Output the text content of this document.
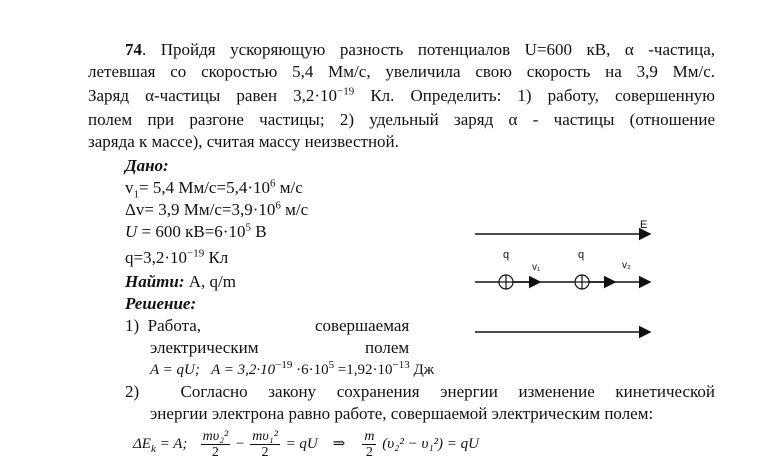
74. Пройдя ускоряющую разность потенциалов U=600 кВ, α -частица,
летевшая со скоростью 5,4 Мм/с, увеличила свою скорость на 3,9 Мм/с.
Заряд α-частицы равен $3,2\cdot 10^{-19}$ Кл. Определить: 1) работу, совершенную
полем при разгоне частицы; 2) удельный заряд α - частицы (отношение
заряда к массе), считая массу неизвестной.
Дано:
$v_1= 5,4$ $Мм/с=5,4\cdot 10^6$ м/с
Δv= 3,9 $Мм/с=3,9\cdot 10^6$ м/с
U = 600 $кВ=6\cdot 10^5$ В
$q=3,2\cdot 10^{-19}$ Кл
Найти: A, q/m
Решение:
1) Работа,	совершаемая
электрическим	полем
A = qU; $A = 3,2\cdot 10^{-19} \cdot 6\cdot 10^5 =1,92\cdot 10^{-13}$ Дж
2) Согласно закону сохранения энергии изменение кинетической
энергии электрона равно работе, совершаемой электрическим полем:
$\Delta E_k = A$; $\frac{\text{mυ₂²}}{2} - \frac{\text{mυ₁²}}{2}$ = qU ⇒ $\frac{m}{2} (\upsilon_2^2 - \upsilon_1^2)$ = qU
E
q	q
v₁	v₂
